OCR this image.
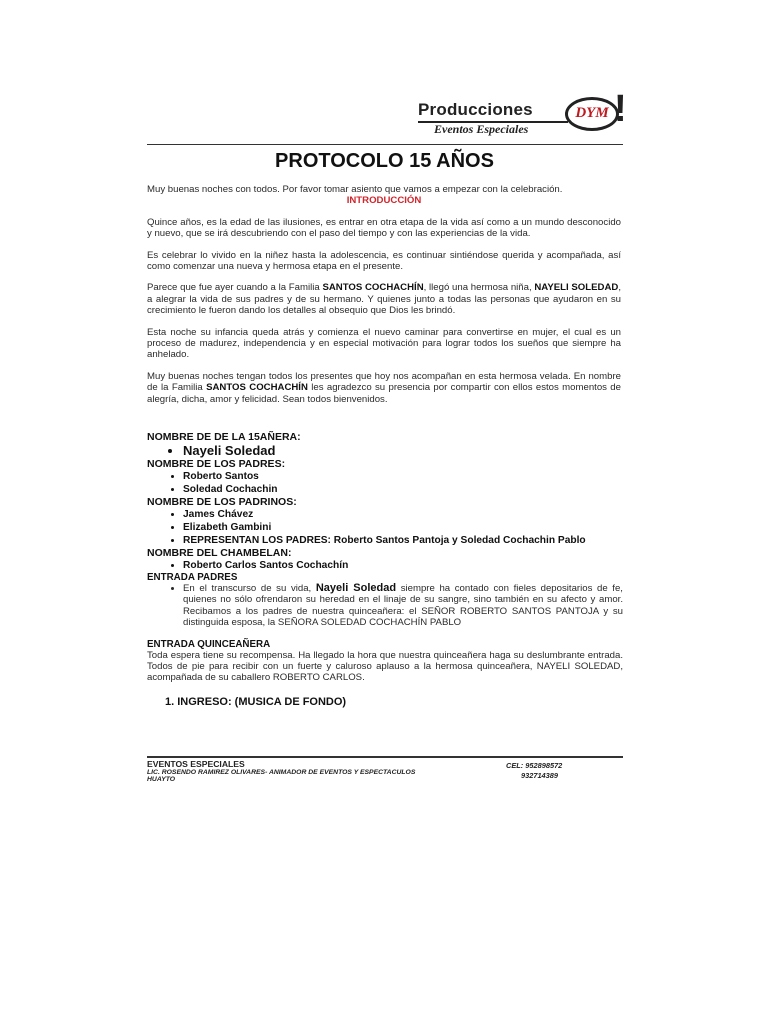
Producciones
Eventos Especiales
DYM !
PROTOCOLO 15 AÑOS

Muy buenas noches con todos. Por favor tomar asiento que vamos a empezar con la celebración.

INTRODUCCIÓN

Quince años, es la edad de las ilusiones, es entrar en otra etapa de la vida así como a un mundo desconocido y nuevo, que se irá descubriendo con el paso del tiempo y con las experiencias de la vida.

Es celebrar lo vivido en la niñez hasta la adolescencia, es continuar sintiéndose querida y acompañada, así como comenzar una nueva y hermosa etapa en el presente.

Parece que fue ayer cuando a la Familia SANTOS COCHACHÍN, llegó una hermosa niña, NAYELI SOLEDAD, a alegrar la vida de sus padres y de su hermano. Y quienes junto a todas las personas que ayudaron en su crecimiento le fueron dando los detalles al obsequio que Dios les brindó.

Esta noche su infancia queda atrás y comienza el nuevo caminar para convertirse en mujer, el cual es un proceso de madurez, independencia y en especial motivación para lograr todos los sueños que siempre ha anhelado.

Muy buenas noches tengan todos los presentes que hoy nos acompañan en esta hermosa velada. En nombre de la Familia SANTOS COCHACHÍN les agradezco su presencia por compartir con ellos estos momentos de alegría, dicha, amor y felicidad. Sean todos bienvenidos.

NOMBRE DE DE LA 15AÑERA:

• Nayeli Soledad

NOMBRE DE LOS PADRES:

• Roberto Santos
• Soledad Cochachin

NOMBRE DE LOS PADRINOS:

• James Chávez
• Elizabeth Gambini
• REPRESENTAN LOS PADRES: Roberto Santos Pantoja y Soledad Cochachin Pablo

NOMBRE DEL CHAMBELAN:

• Roberto Carlos Santos Cochachín

ENTRADA PADRES

• En el transcurso de su vida, Nayeli Soledad siempre ha contado con fieles depositarios de fe, quienes no sólo ofrendaron su heredad en el linaje de su sangre, sino también en su afecto y amor. Recibamos a los padres de nuestra quinceañera: el SEÑOR ROBERTO SANTOS PANTOJA y su distinguida esposa, la SEÑORA SOLEDAD COCHACHÍN PABLO

ENTRADA QUINCEAÑERA

Toda espera tiene su recompensa. Ha llegado la hora que nuestra quinceañera haga su deslumbrante entrada. Todos de pie para recibir con un fuerte y caluroso aplauso a la hermosa quinceañera, NAYELI SOLEDAD, acompañada de su caballero ROBERTO CARLOS.

1. INGRESO: (MUSICA DE FONDO)

EVENTOS ESPECIALES
LIC. ROSENDO RAMIREZ OLIVARES- ANIMADOR DE EVENTOS Y ESPECTACULOS
HUAYTO
CEL: 952898572
932714389
